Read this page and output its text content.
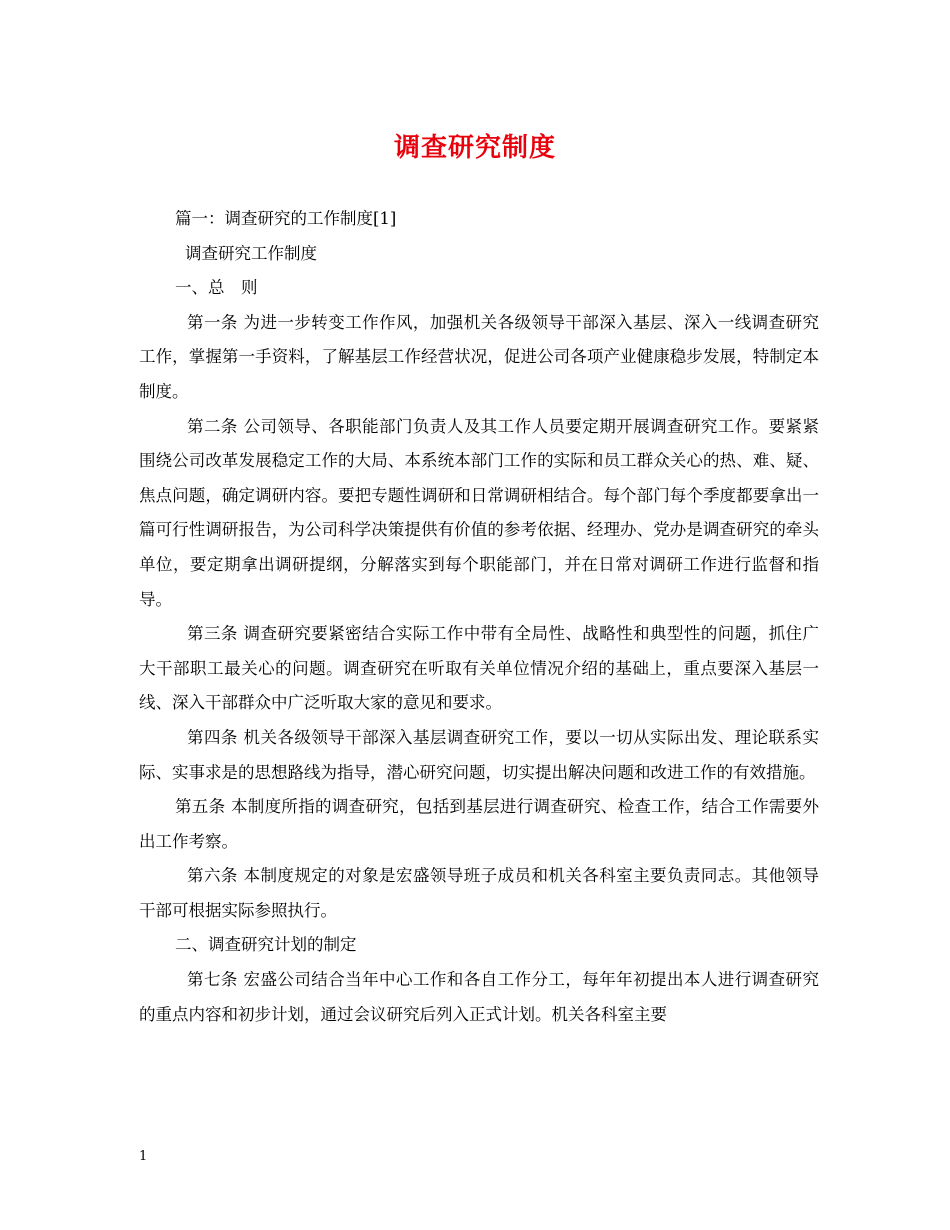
调查研究制度

篇一：调查研究的工作制度[1]

调查研究工作制度

一、总　则

第一条 为进一步转变工作作风，加强机关各级领导干部深入基层、深入一线调查研究工作，掌握第一手资料，了解基层工作经营状况，促进公司各项产业健康稳步发展，特制定本制度。

第二条 公司领导、各职能部门负责人及其工作人员要定期开展调查研究工作。要紧紧围绕公司改革发展稳定工作的大局、本系统本部门工作的实际和员工群众关心的热、难、疑、焦点问题，确定调研内容。要把专题性调研和日常调研相结合。每个部门每个季度都要拿出一篇可行性调研报告，为公司科学决策提供有价值的参考依据、经理办、党办是调查研究的牵头单位，要定期拿出调研提纲，分解落实到每个职能部门，并在日常对调研工作进行监督和指导。

第三条 调查研究要紧密结合实际工作中带有全局性、战略性和典型性的问题，抓住广大干部职工最关心的问题。调查研究在听取有关单位情况介绍的基础上，重点要深入基层一线、深入干部群众中广泛听取大家的意见和要求。

第四条 机关各级领导干部深入基层调查研究工作，要以一切从实际出发、理论联系实际、实事求是的思想路线为指导，潜心研究问题，切实提出解决问题和改进工作的有效措施。

第五条 本制度所指的调查研究，包括到基层进行调查研究、检查工作，结合工作需要外出工作考察。

第六条 本制度规定的对象是宏盛领导班子成员和机关各科室主要负责同志。其他领导干部可根据实际参照执行。

二、调查研究计划的制定

第七条 宏盛公司结合当年中心工作和各自工作分工，每年年初提出本人进行调查研究的重点内容和初步计划，通过会议研究后列入正式计划。机关各科室主要

1
